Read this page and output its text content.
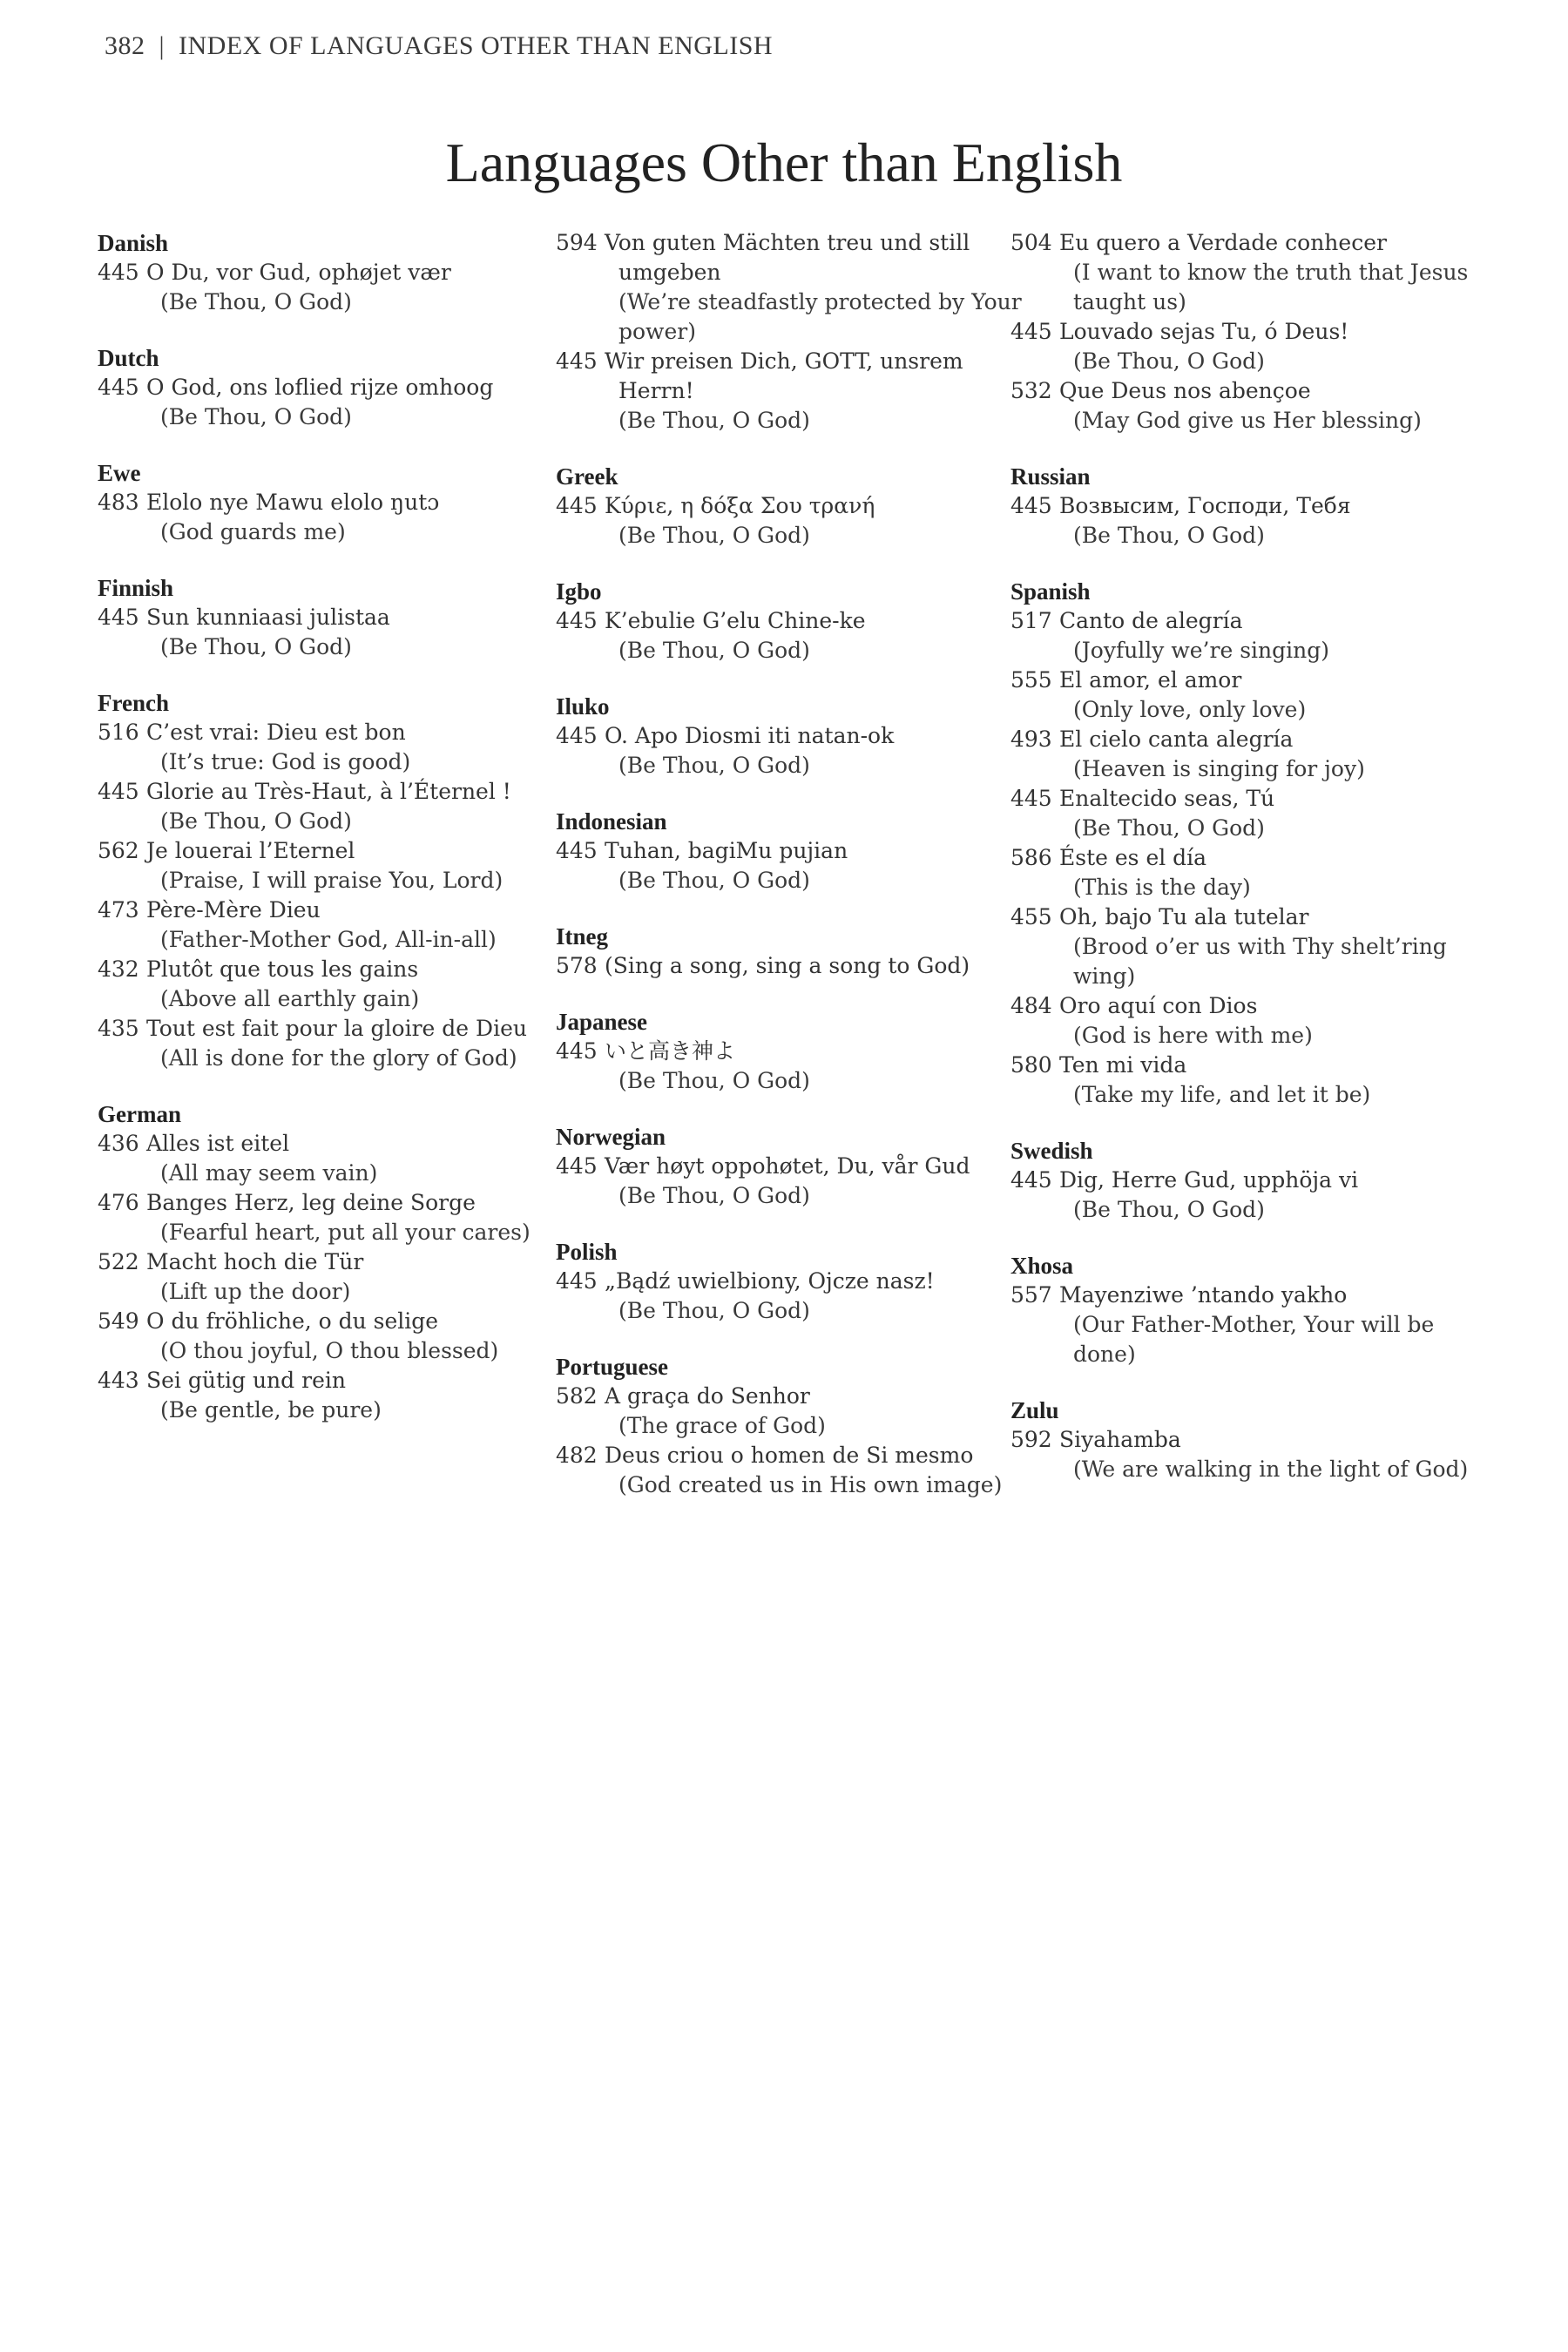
382 | INDEX OF LANGUAGES OTHER THAN ENGLISH
Languages Other than English
Danish
445 O Du, vor Gud, ophøjet vær
(Be Thou, O God)
Dutch
445 O God, ons loflied rijze omhoog
(Be Thou, O God)
Ewe
483 Elolo nye Mawu elolo ŋutɔ
(God guards me)
Finnish
445 Sun kunniaasi julistaa
(Be Thou, O God)
French
516 C’est vrai: Dieu est bon
(It’s true: God is good)
445 Glorie au Très-Haut, à l’Éternel !
(Be Thou, O God)
562 Je louerai l’Eternel
(Praise, I will praise You, Lord)
473 Père-Mère Dieu
(Father-Mother God, All-in-all)
432 Plutôt que tous les gains
(Above all earthly gain)
435 Tout est fait pour la gloire de Dieu
(All is done for the glory of God)
German
436 Alles ist eitel
(All may seem vain)
476 Banges Herz, leg deine Sorge
(Fearful heart, put all your cares)
522 Macht hoch die Tür
(Lift up the door)
549 O du fröhliche, o du selige
(O thou joyful, O thou blessed)
443 Sei gütig und rein
(Be gentle, be pure)
594 Von guten Mächten treu und still umgeben
(We’re steadfastly protected by Your power)
445 Wir preisen Dich, GOTT, unsrem Herrn!
(Be Thou, O God)
Greek
445 Κύριε, η δόξα Σου τρανή
(Be Thou, O God)
Igbo
445 K’ebulie G’elu Chine-ke
(Be Thou, O God)
Iluko
445 O. Apo Diosmi iti natan-ok
(Be Thou, O God)
Indonesian
445 Tuhan, bagiMu pujian
(Be Thou, O God)
Itneg
578 (Sing a song, sing a song to God)
Japanese
445 いと高き神よ
(Be Thou, O God)
Norwegian
445 Vær høyt oppohøtet, Du, vår Gud
(Be Thou, O God)
Polish
445 „Bądź uwielbiony, Ojcze nasz!
(Be Thou, O God)
Portuguese
582 A graça do Senhor
(The grace of God)
482 Deus criou o homen de Si mesmo
(God created us in His own image)
504 Eu quero a Verdade conhecer
(I want to know the truth that Jesus taught us)
445 Louvado sejas Tu, ó Deus!
(Be Thou, O God)
532 Que Deus nos abençoe
(May God give us Her blessing)
Russian
445 Возвысим, Господи, Тебя
(Be Thou, O God)
Spanish
517 Canto de alegría
(Joyfully we’re singing)
555 El amor, el amor
(Only love, only love)
493 El cielo canta alegría
(Heaven is singing for joy)
445 Enaltecido seas, Tú
(Be Thou, O God)
586 Éste es el día
(This is the day)
455 Oh, bajo Tu ala tutelar
(Brood o’er us with Thy shelt’ring wing)
484 Oro aquí con Dios
(God is here with me)
580 Ten mi vida
(Take my life, and let it be)
Swedish
445 Dig, Herre Gud, upphöja vi
(Be Thou, O God)
Xhosa
557 Mayenziwe ’ntando yakho
(Our Father-Mother, Your will be done)
Zulu
592 Siyahamba
(We are walking in the light of God)
